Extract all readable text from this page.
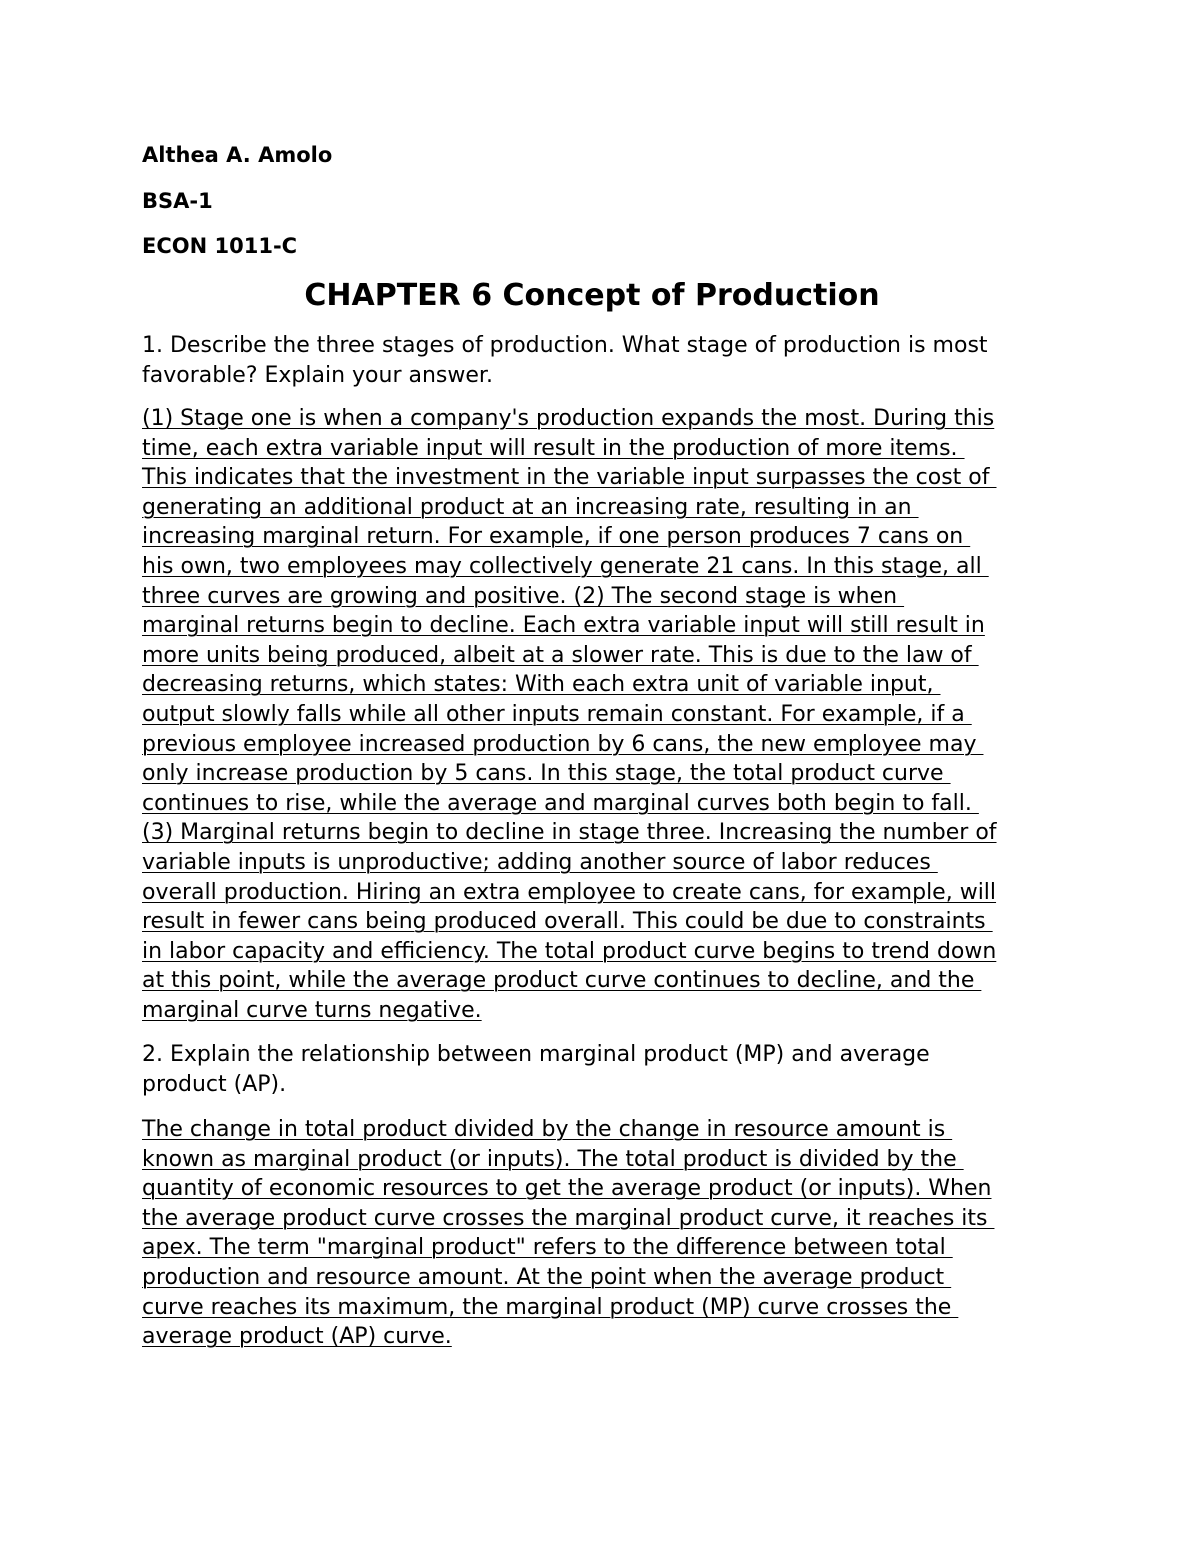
Althea A. Amolo
BSA-1
ECON 1011-C
CHAPTER 6 Concept of Production
1. Describe the three stages of production. What stage of production is most
favorable? Explain your answer.
(1) Stage one is when a company's production expands the most. During this
time, each extra variable input will result in the production of more items.
This indicates that the investment in the variable input surpasses the cost of
generating an additional product at an increasing rate, resulting in an
increasing marginal return. For example, if one person produces 7 cans on
his own, two employees may collectively generate 21 cans. In this stage, all
three curves are growing and positive. (2) The second stage is when
marginal returns begin to decline. Each extra variable input will still result in
more units being produced, albeit at a slower rate. This is due to the law of
decreasing returns, which states: With each extra unit of variable input,
output slowly falls while all other inputs remain constant. For example, if a
previous employee increased production by 6 cans, the new employee may
only increase production by 5 cans. In this stage, the total product curve
continues to rise, while the average and marginal curves both begin to fall.
(3) Marginal returns begin to decline in stage three. Increasing the number of
variable inputs is unproductive; adding another source of labor reduces
overall production. Hiring an extra employee to create cans, for example, will
result in fewer cans being produced overall. This could be due to constraints
in labor capacity and efficiency. The total product curve begins to trend down
at this point, while the average product curve continues to decline, and the
marginal curve turns negative.
2. Explain the relationship between marginal product (MP) and average
product (AP).
The change in total product divided by the change in resource amount is
known as marginal product (or inputs). The total product is divided by the
quantity of economic resources to get the average product (or inputs). When
the average product curve crosses the marginal product curve, it reaches its
apex. The term "marginal product" refers to the difference between total
production and resource amount. At the point when the average product
curve reaches its maximum, the marginal product (MP) curve crosses the
average product (AP) curve.
